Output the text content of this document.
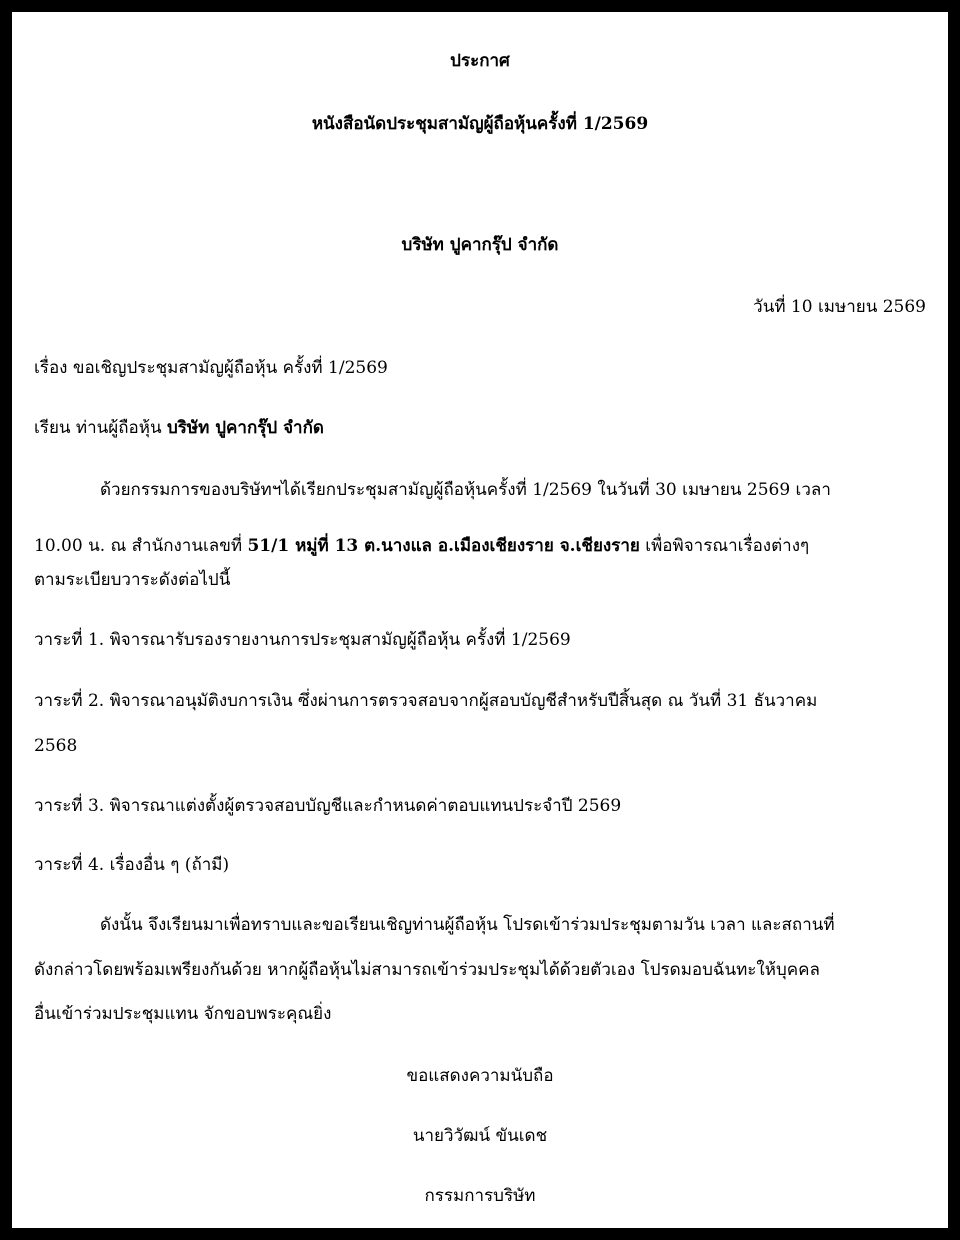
ประกาศ
หนังสือนัดประชุมสามัญผู้ถือหุ้นครั้งที่ 1/2569
บริษัท ปูคากรุ๊ป จำกัด
วันที่ 10 เมษายน 2569
เรื่อง ขอเชิญประชุมสามัญผู้ถือหุ้น ครั้งที่ 1/2569
เรียน ท่านผู้ถือหุ้น บริษัท ปูคากรุ๊ป จำกัด
ด้วยกรรมการของบริษัทฯได้เรียกประชุมสามัญผู้ถือหุ้นครั้งที่ 1/2569 ในวันที่ 30 เมษายน 2569 เวลา
10.00 น. ณ สำนักงานเลขที่ 51/1 หมู่ที่ 13 ต.นางแล อ.เมืองเชียงราย จ.เชียงราย เพื่อพิจารณาเรื่องต่างๆ
ตามระเบียบวาระดังต่อไปนี้
วาระที่ 1. พิจารณารับรองรายงานการประชุมสามัญผู้ถือหุ้น ครั้งที่ 1/2569
วาระที่ 2. พิจารณาอนุมัติงบการเงิน ซึ่งผ่านการตรวจสอบจากผู้สอบบัญชีสำหรับปีสิ้นสุด ณ วันที่ 31 ธันวาคม
2568
วาระที่ 3. พิจารณาแต่งตั้งผู้ตรวจสอบบัญชีและกำหนดค่าตอบแทนประจำปี 2569
วาระที่ 4. เรื่องอื่น ๆ (ถ้ามี)
ดังนั้น จึงเรียนมาเพื่อทราบและขอเรียนเชิญท่านผู้ถือหุ้น โปรดเข้าร่วมประชุมตามวัน เวลา และสถานที่
ดังกล่าวโดยพร้อมเพรียงกันด้วย หากผู้ถือหุ้นไม่สามารถเข้าร่วมประชุมได้ด้วยตัวเอง โปรดมอบฉันทะให้บุคคล
อื่นเข้าร่วมประชุมแทน จักขอบพระคุณยิ่ง
ขอแสดงความนับถือ
นายวิวัฒน์ ขันเดช
กรรมการบริษัท
